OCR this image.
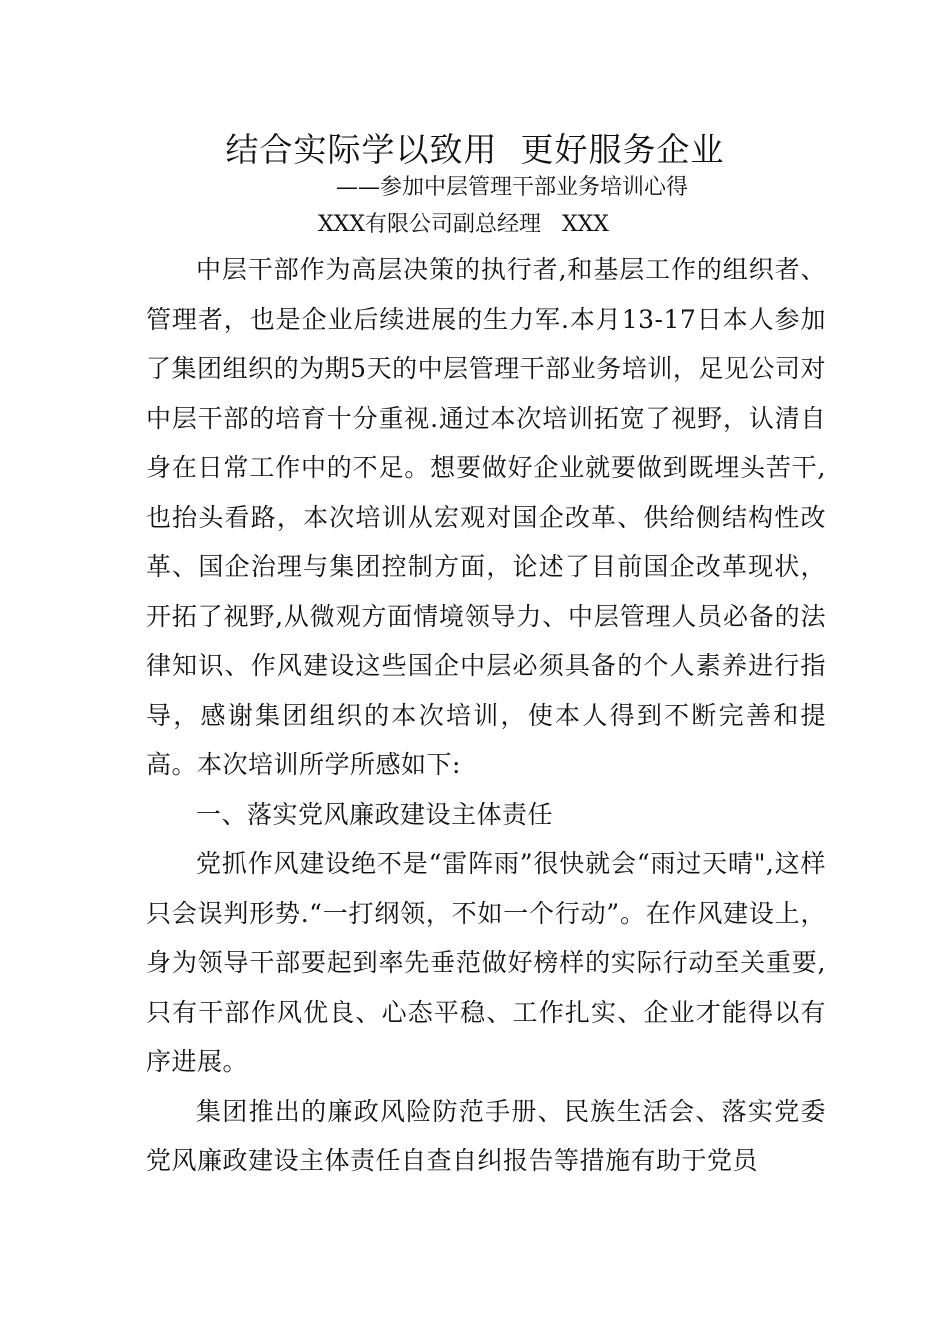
结合实际学以致用  更好服务企业
——参加中层管理干部业务培训心得
XXX有限公司副总经理   XXX

中层干部作为高层决策的执行者,和基层工作的组织者、管理者，也是企业后续进展的生力军.本月13-17日本人参加了集团组织的为期5天的中层管理干部业务培训，足见公司对中层干部的培育十分重视.通过本次培训拓宽了视野，认清自身在日常工作中的不足。想要做好企业就要做到既埋头苦干,也抬头看路，本次培训从宏观对国企改革、供给侧结构性改革、国企治理与集团控制方面，论述了目前国企改革现状，开拓了视野,从微观方面情境领导力、中层管理人员必备的法律知识、作风建设这些国企中层必须具备的个人素养进行指导，感谢集团组织的本次培训，使本人得到不断完善和提高。本次培训所学所感如下:

一、落实党风廉政建设主体责任

党抓作风建设绝不是“雷阵雨”很快就会“雨过天晴",这样只会误判形势.“一打纲领，不如一个行动”。在作风建设上，身为领导干部要起到率先垂范做好榜样的实际行动至关重要,只有干部作风优良、心态平稳、工作扎实、企业才能得以有序进展。

集团推出的廉政风险防范手册、民族生活会、落实党委党风廉政建设主体责任自查自纠报告等措施有助于党员
